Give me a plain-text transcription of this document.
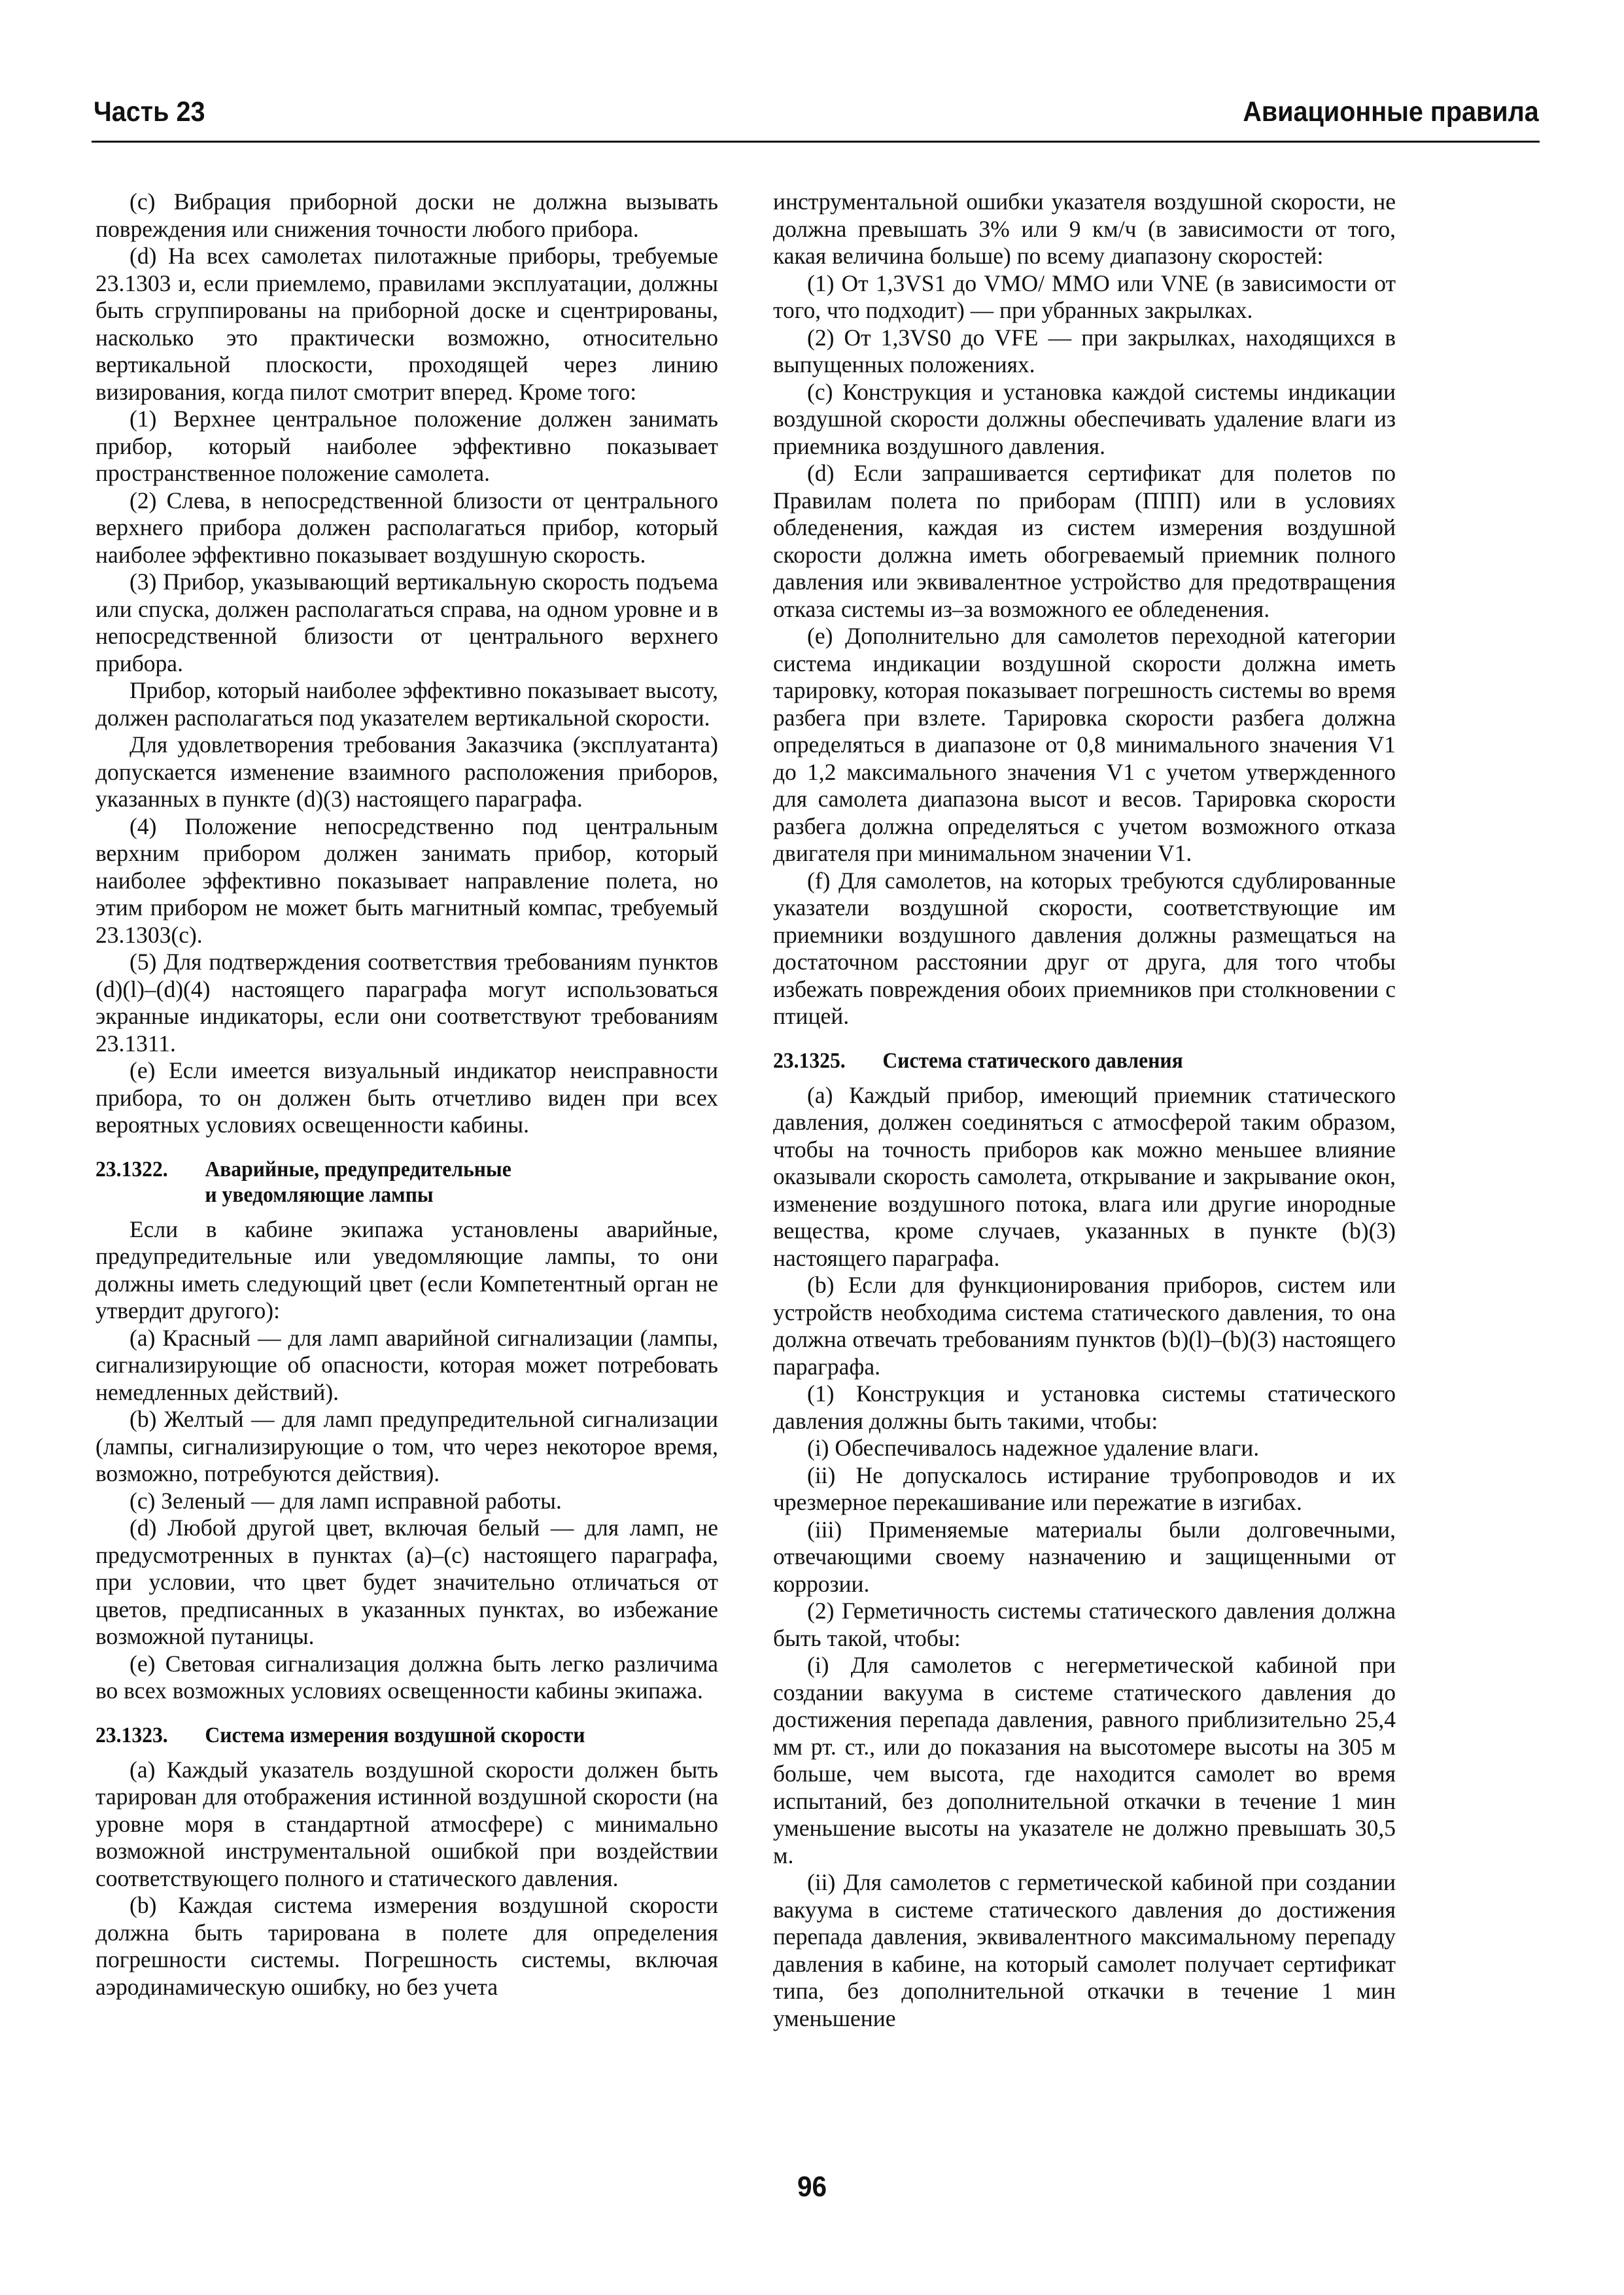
Часть 23	Авиационные правила

(c) Вибрация приборной доски не должна вызывать повреждения или снижения точности любого прибора.

(d) На всех самолетах пилотажные приборы, требуемые 23.1303 и, если приемлемо, правилами эксплуатации, должны быть сгруппированы на приборной доске и сцентрированы, насколько это практически возможно, относительно вертикальной плоскости, проходящей через линию визирования, когда пилот смотрит вперед. Кроме того:

(1) Верхнее центральное положение должен занимать прибор, который наиболее эффективно показывает пространственное положение самолета.

(2) Слева, в непосредственной близости от центрального верхнего прибора должен располагаться прибор, который наиболее эффективно показывает воздушную скорость.

(3) Прибор, указывающий вертикальную скорость подъема или спуска, должен располагаться справа, на одном уровне и в непосредственной близости от центрального верхнего прибора.

Прибор, который наиболее эффективно показывает высоту, должен располагаться под указателем вертикальной скорости.

Для удовлетворения требования Заказчика (эксплуатанта) допускается изменение взаимного расположения приборов, указанных в пункте (d)(3) настоящего параграфа.

(4) Положение непосредственно под центральным верхним прибором должен занимать прибор, который наиболее эффективно показывает направление полета, но этим прибором не может быть магнитный компас, требуемый 23.1303(c).

(5) Для подтверждения соответствия требованиям пунктов (d)(l)–(d)(4) настоящего параграфа могут использоваться экранные индикаторы, если они соответствуют требованиям 23.1311.

(e) Если имеется визуальный индикатор неисправности прибора, то он должен быть отчетливо виден при всех вероятных условиях освещенности кабины.

23.1322. Аварийные, предупредительные
и уведомляющие лампы

Если в кабине экипажа установлены аварийные, предупредительные или уведомляющие лампы, то они должны иметь следующий цвет (если Компетентный орган не утвердит другого):

(a) Красный — для ламп аварийной сигнализации (лампы, сигнализирующие об опасности, которая может потребовать немедленных действий).

(b) Желтый — для ламп предупредительной сигнализации (лампы, сигнализирующие о том, что через некоторое время, возможно, потребуются действия).

(c) Зеленый — для ламп исправной работы.

(d) Любой другой цвет, включая белый — для ламп, не предусмотренных в пунктах (a)–(c) настоящего параграфа, при условии, что цвет будет значительно отличаться от цветов, предписанных в указанных пунктах, во избежание возможной путаницы.

(e) Световая сигнализация должна быть легко различима во всех возможных условиях освещенности кабины экипажа.

23.1323. Система измерения воздушной скорости

(a) Каждый указатель воздушной скорости должен быть тарирован для отображения истинной воздушной скорости (на уровне моря в стандартной атмосфере) с минимально возможной инструментальной ошибкой при воздействии соответствующего полного и статического давления.

(b) Каждая система измерения воздушной скорости должна быть тарирована в полете для определения погрешности системы. Погрешность системы, включая аэродинамическую ошибку, но без учета

инструментальной ошибки указателя воздушной скорости, не должна превышать 3% или 9 км/ч (в зависимости от того, какая величина больше) по всему диапазону скоростей:

(1) От 1,3VS1 до VMO/ MMO или VNE (в зависимости от того, что подходит) — при убранных закрылках.

(2) От 1,3VS0 до VFE — при закрылках, находящихся в выпущенных положениях.

(c) Конструкция и установка каждой системы индикации воздушной скорости должны обеспечивать удаление влаги из приемника воздушного давления.

(d) Если запрашивается сертификат для полетов по Правилам полета по приборам (ППП) или в условиях обледенения, каждая из систем измерения воздушной скорости должна иметь обогреваемый приемник полного давления или эквивалентное устройство для предотвращения отказа системы из–за возможного ее обледенения.

(e) Дополнительно для самолетов переходной категории система индикации воздушной скорости должна иметь тарировку, которая показывает погрешность системы во время разбега при взлете. Тарировка скорости разбега должна определяться в диапазоне от 0,8 минимального значения V1 до 1,2 максимального значения V1 с учетом утвержденного для самолета диапазона высот и весов. Тарировка скорости разбега должна определяться с учетом возможного отказа двигателя при минимальном значении V1.

(f) Для самолетов, на которых требуются сдублированные указатели воздушной скорости, соответствующие им приемники воздушного давления должны размещаться на достаточном расстоянии друг от друга, для того чтобы избежать повреждения обоих приемников при столкновении с птицей.

23.1325. Система статического давления

(a) Каждый прибор, имеющий приемник статического давления, должен соединяться с атмосферой таким образом, чтобы на точность приборов как можно меньшее влияние оказывали скорость самолета, открывание и закрывание окон, изменение воздушного потока, влага или другие инородные вещества, кроме случаев, указанных в пункте (b)(3) настоящего параграфа.

(b) Если для функционирования приборов, систем или устройств необходима система статического давления, то она должна отвечать требованиям пунктов (b)(l)–(b)(3) настоящего параграфа.

(1) Конструкция и установка системы статического давления должны быть такими, чтобы:

(i) Обеспечивалось надежное удаление влаги.

(ii) Не допускалось истирание трубопроводов и их чрезмерное перекашивание или пережатие в изгибах.

(iii) Применяемые материалы были долговечными, отвечающими своему назначению и защищенными от коррозии.

(2) Герметичность системы статического давления должна быть такой, чтобы:

(i) Для самолетов с негерметической кабиной при создании вакуума в системе статического давления до достижения перепада давления, равного приблизительно 25,4 мм рт. ст., или до показания на высотомере высоты на 305 м больше, чем высота, где находится самолет во время испытаний, без дополнительной откачки в течение 1 мин уменьшение высоты на указателе не должно превышать 30,5 м.

(ii) Для самолетов с герметической кабиной при создании вакуума в системе статического давления до достижения перепада давления, эквивалентного максимальному перепаду давления в кабине, на который самолет получает сертификат типа, без дополнительной откачки в течение 1 мин уменьшение

96
